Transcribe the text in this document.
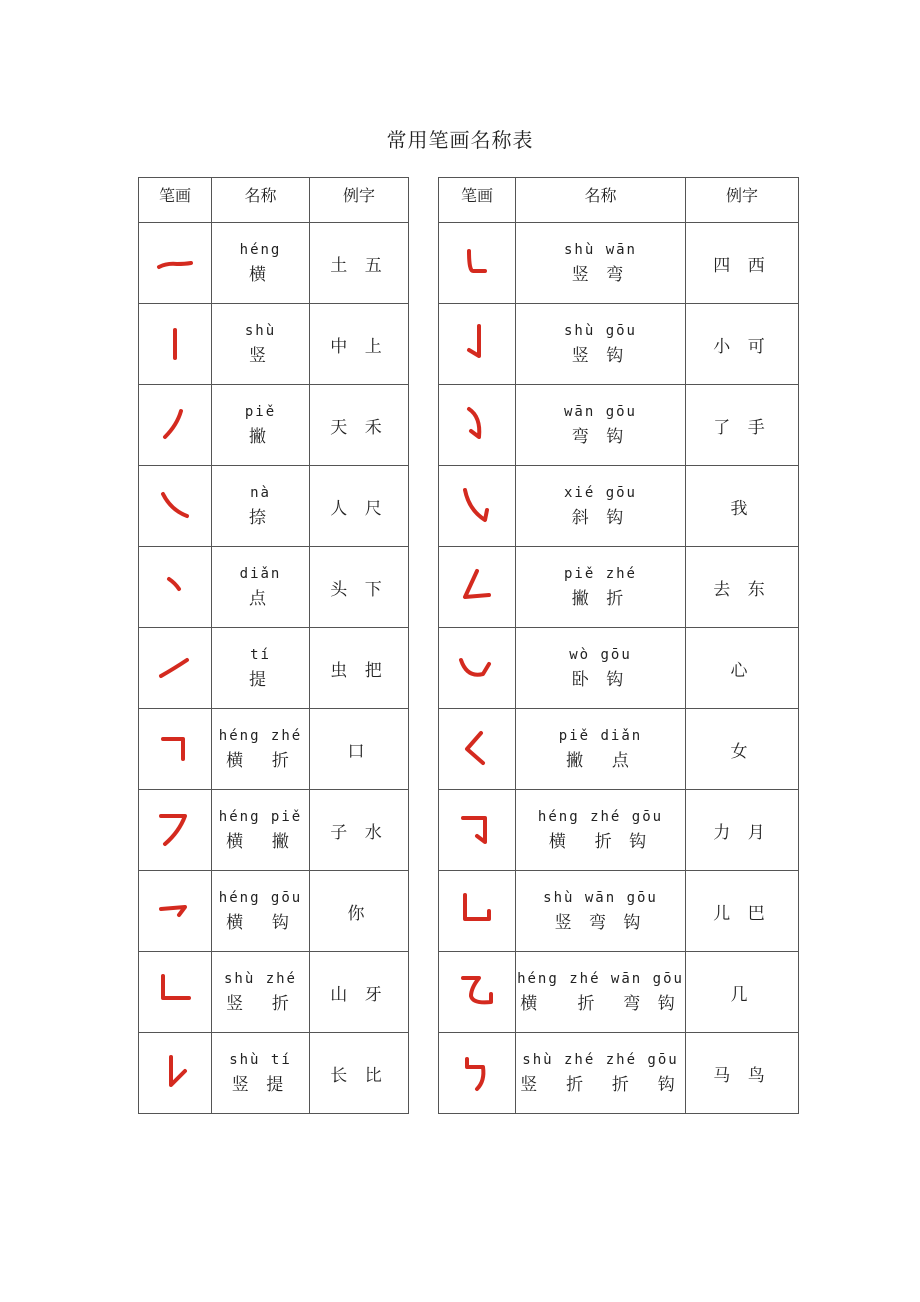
常用笔画名称表
笔画	名称	例字

héng
横	土 五

shù
竖	中 上

piě
撇	天 禾

nà
捺	人 尺

diǎn
点	头 下

tí
提	虫 把

héng zhé
横  折	口

héng piě
横  撇	子 水

héng gōu
横  钩	你

shù zhé
竖  折	山 牙

shù tí
竖 提	长 比
笔画	名称	例字

shù wān
竖 弯	四 西

shù gōu
竖 钩	小 可

wān gōu
弯 钩	了 手

xié gōu
斜 钩	我

piě zhé
撇 折	去 东

wò gōu
卧 钩	心

piě diǎn
撇  点	女

héng zhé gōu
横  折 钩	力 月

shù wān gōu
竖 弯 钩	儿 巴

héng zhé wān gōu
横   折  弯 钩	几

shù zhé zhé gōu
竖  折  折  钩	马 鸟
